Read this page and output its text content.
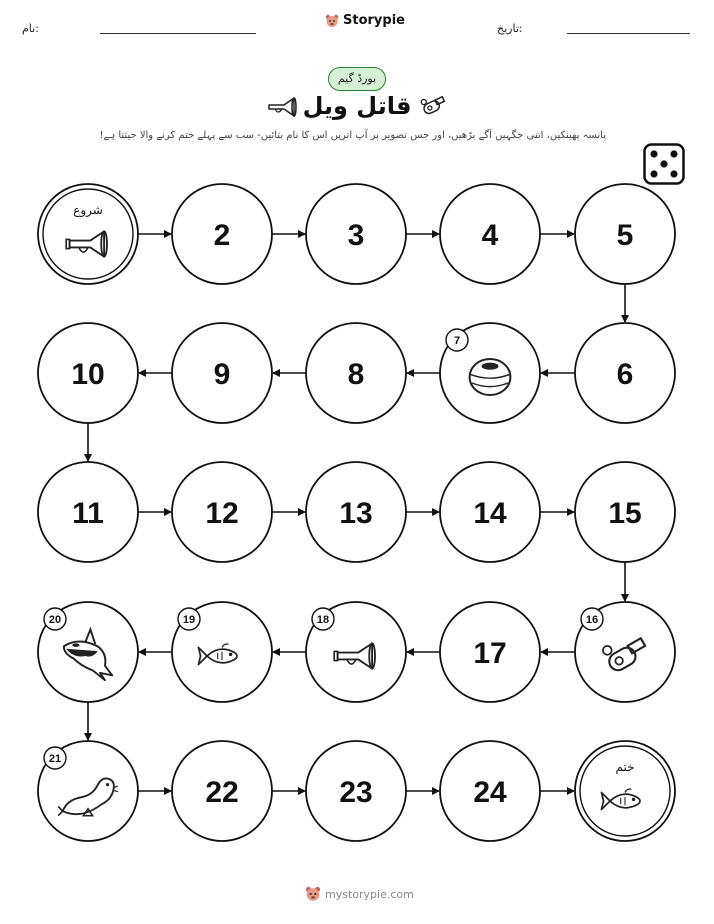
نام:
Storypie
تاریخ:
بورڈ گیم
قاتل ویل
پانسہ پھینکیں، اتنی جگہیں آگے بڑھیں، اور جس تصویر پر آپ اتریں اس کا نام بتائیں- سب سے پہلے ختم کرنے والا جیتتا ہے!
شروع
2	3	4	5
6
7
8
9
10
11	12	13	14	15
16
17
18
19
20
21
22	23	24
ختم
mystorypie.com
